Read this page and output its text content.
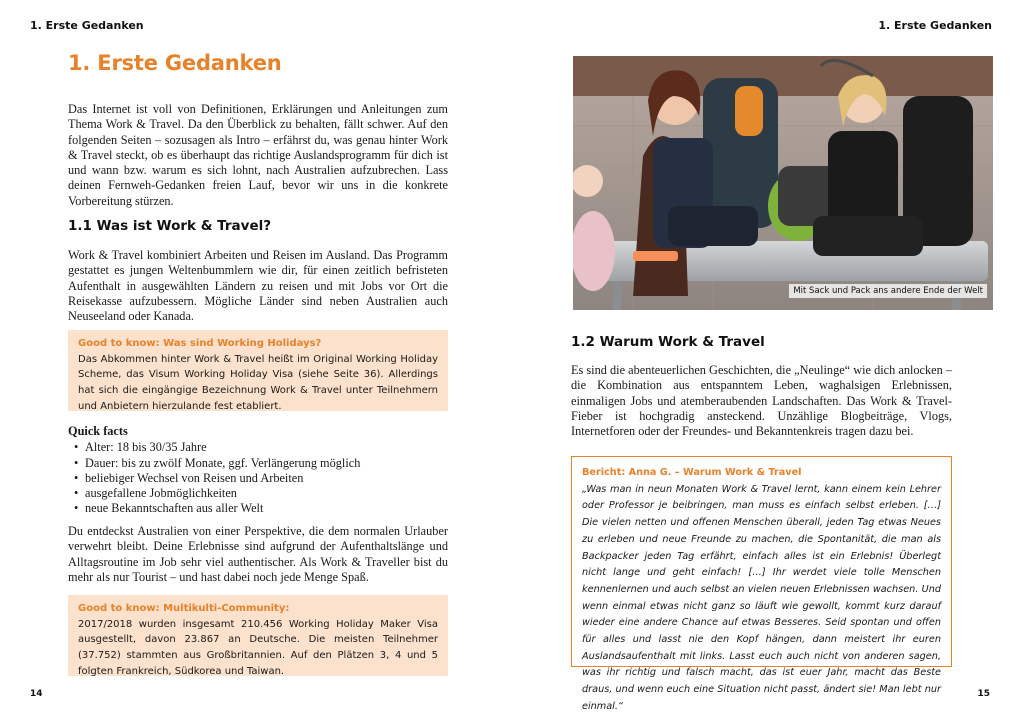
1. Erste Gedanken
1. Erste Gedanken

Das Internet ist voll von Definitionen, Erklärungen und Anleitungen zum Thema Work & Travel. Da den Überblick zu behalten, fällt schwer. Auf den folgenden Seiten – sozusagen als Intro – erfährst du, was genau hinter Work & Travel steckt, ob es überhaupt das richtige Auslandsprogramm für dich ist und wann bzw. warum es sich lohnt, nach Australien aufzubrechen. Lass deinen Fernweh-Gedanken freien Lauf, bevor wir uns in die konkrete Vorbereitung stürzen.

1.1 Was ist Work & Travel?

Work & Travel kombiniert Arbeiten und Reisen im Ausland. Das Programm gestattet es jungen Weltenbummlern wie dir, für einen zeitlich befristeten Aufenthalt in ausgewählten Ländern zu reisen und mit Jobs vor Ort die Reisekasse aufzubessern. Mögliche Länder sind neben Australien auch Neuseeland oder Kanada.

Good to know: Was sind Working Holidays?
Das Abkommen hinter Work & Travel heißt im Original Working Holiday Scheme, das Visum Working Holiday Visa (siehe Seite 36). Allerdings hat sich die eingängige Bezeichnung Work & Travel unter Teilnehmern und Anbietern hierzulande fest etabliert.
Quick facts
• Alter: 18 bis 30/35 Jahre
• Dauer: bis zu zwölf Monate, ggf. Verlängerung möglich
• beliebiger Wechsel von Reisen und Arbeiten
• ausgefallene Jobmöglichkeiten
• neue Bekanntschaften aus aller Welt

Du entdeckst Australien von einer Perspektive, die dem normalen Urlauber verwehrt bleibt. Deine Erlebnisse sind aufgrund der Aufenthaltslänge und Alltagsroutine im Job sehr viel authentischer. Als Work & Traveller bist du mehr als nur Tourist – und hast dabei noch jede Menge Spaß.

Good to know: Multikulti-Community:
2017/2018 wurden insgesamt 210.456 Working Holiday Maker Visa ausgestellt, davon 23.867 an Deutsche. Die meisten Teilnehmer (37.752) stammten aus Großbritannien. Auf den Plätzen 3, 4 und 5 folgten Frankreich, Südkorea und Taiwan.
14
1. Erste Gedanken
Mit Sack und Pack ans andere Ende der Welt
1.2 Warum Work & Travel

Es sind die abenteuerlichen Geschichten, die „Neulinge“ wie dich anlocken – die Kombination aus entspanntem Leben, waghalsigen Erlebnissen, einmaligen Jobs und atemberaubenden Landschaften. Das Work & Travel-Fieber ist hochgradig ansteckend. Unzählige Blogbeiträge, Vlogs, Internetforen oder der Freundes- und Bekanntenkreis tragen dazu bei.

Bericht: Anna G. – Warum Work & Travel
„Was man in neun Monaten Work & Travel lernt, kann einem kein Lehrer oder Professor je beibringen, man muss es einfach selbst erleben. […] Die vielen netten und offenen Menschen überall, jeden Tag etwas Neues zu erleben und neue Freunde zu machen, die Spontanität, die man als Backpacker jeden Tag erfährt, einfach alles ist ein Erlebnis! Überlegt nicht lange und geht einfach! […] Ihr werdet viele tolle Menschen kennenlernen und auch selbst an vielen neuen Erlebnissen wachsen. Und wenn einmal etwas nicht ganz so läuft wie gewollt, kommt kurz darauf wieder eine andere Chance auf etwas Besseres. Seid spontan und offen für alles und lasst nie den Kopf hängen, dann meistert ihr euren Auslandsaufenthalt mit links. Lasst euch auch nicht von anderen sagen, was ihr richtig und falsch macht, das ist euer Jahr, macht das Beste draus, und wenn euch eine Situation nicht passt, ändert sie! Man lebt nur einmal.“
15
